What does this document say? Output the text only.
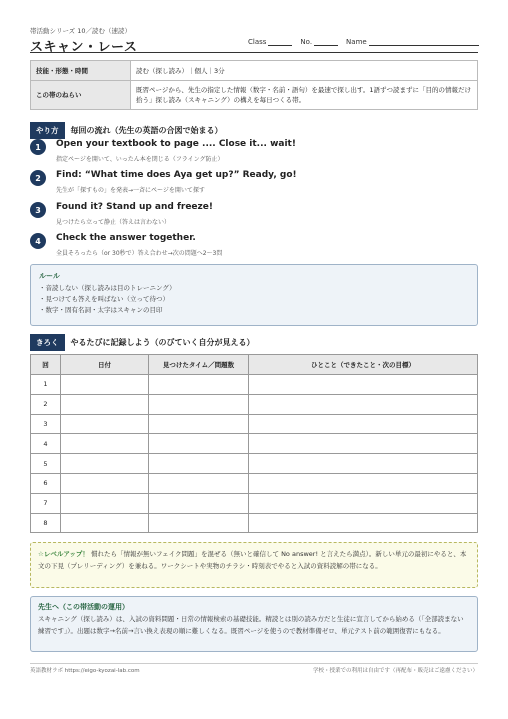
帯活動シリーズ 10／読む（速読）
スキャン・レース	Class	No.	Name
技能・形態・時間	読む（探し読み）｜個人｜3分
この帯のねらい	既習ページから、先生の指定した情報（数字・名前・語句）を最速で探し出す。1語ずつ読まずに「目的の情報だけ拾う」探し読み（スキャニング）の構えを毎日つくる帯。
やり方	毎回の流れ（先生の英語の合図で始まる）
1	Open your textbook to page .... Close it... wait!
指定ページを開いて、いったん本を閉じる（フライング防止）
2	Find: “What time does Aya get up?” Ready, go!
先生が「探すもの」を発表→一斉にページを開いて探す
3	Found it? Stand up and freeze!
見つけたら立って静止（答えは言わない）
4	Check the answer together.
全員そろったら（or 30秒で）答え合わせ→次の問題へ2〜3問
ルール
・音読しない（探し読みは目のトレーニング）
・見つけても答えを叫ばない（立って待つ）
・数字・固有名詞・太字はスキャンの目印
きろく	やるたびに記録しよう（のびていく自分が見える）
回	日付	見つけたタイム／問題数	ひとこと（できたこと・次の目標）
1			
2			
3			
4			
5			
6			
7			
8			
☆レベルアップ！ 慣れたら「情報が無いフェイク問題」を混ぜる（無いと確信して No answer! と言えたら満点）。新しい単元の最初にやると、本文の下見（プレリーディング）を兼ねる。ワークシートや実物のチラシ・時刻表でやると入試の資料読解の帯になる。
先生へ（この帯活動の運用）
スキャニング（探し読み）は、入試の資料問題・日常の情報検索の基礎技能。精読とは別の読み方だと生徒に宣言してから始める（「全部読まない練習です」）。出題は数字→名前→言い換え表現の順に難しくなる。既習ページを使うので教材準備ゼロ、単元テスト前の範囲復習にもなる。
英語教材ラボ https://eigo-kyozai-lab.com	学校・授業での利用は自由です（再配布・販売はご遠慮ください）
